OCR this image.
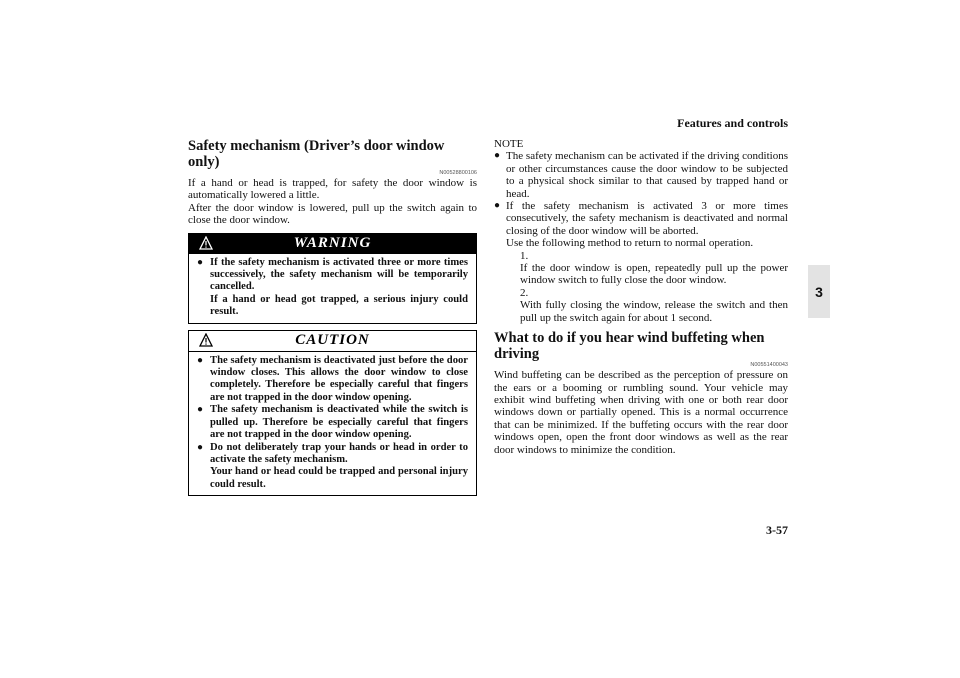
Features and controls
3
3-57
Safety mechanism (Driver’s door window only)
N00528800106

If a hand or head is trapped, for safety the door window is automatically lowered a little.

After the door window is lowered, pull up the switch again to close the door window.

WARNING
● If the safety mechanism is activated three or more times successively, the safety mechanism will be temporarily cancelled.
If a hand or head got trapped, a serious injury could result.
CAUTION
● The safety mechanism is deactivated just before the door window closes. This allows the door window to close completely. Therefore be especially careful that fingers are not trapped in the door window opening.
● The safety mechanism is deactivated while the switch is pulled up. Therefore be especially careful that fingers are not trapped in the door window opening.
● Do not deliberately trap your hands or head in order to activate the safety mechanism.
Your hand or head could be trapped and personal injury could result.
NOTE
● The safety mechanism can be activated if the driving conditions or other circumstances cause the door window to be subjected to a physical shock similar to that caused by trapped hand or head.
● If the safety mechanism is activated 3 or more times consecutively, the safety mechanism is deactivated and normal closing of the door window will be aborted.
Use the following method to return to normal operation.
1.
If the door window is open, repeatedly pull up the power window switch to fully close the door window.
2.
With fully closing the window, release the switch and then pull up the switch again for about 1 second.
What to do if you hear wind buffeting when driving
N00551400043
Wind buffeting can be described as the perception of pressure on the ears or a booming or rumbling sound. Your vehicle may exhibit wind buffeting when driving with one or both rear door windows down or partially opened. This is a normal occurrence that can be minimized. If the buffeting occurs with the rear door windows open, open the front door windows as well as the rear door windows to minimize the condition.
